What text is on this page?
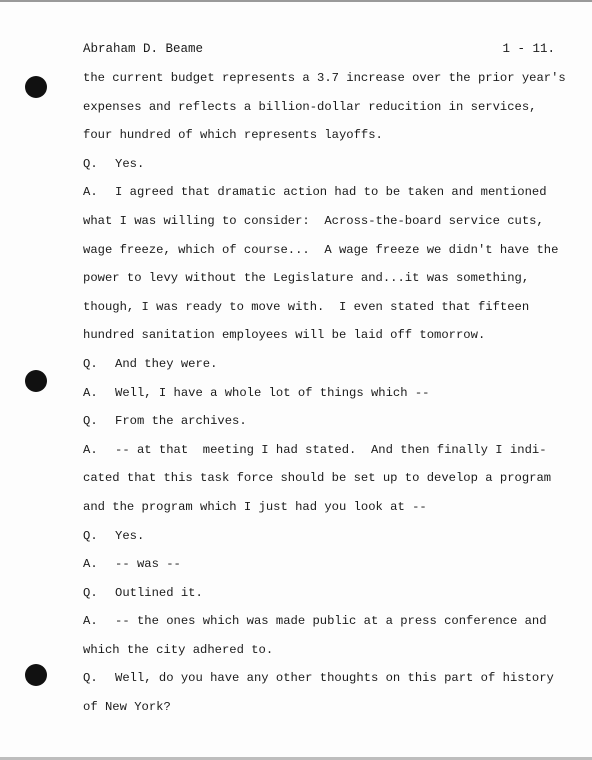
Abraham D. Beame	1 - 11.
the current budget represents a 3.7 increase over the prior year's
expenses and reflects a billion-dollar reducition in services,
four hundred of which represents layoffs.
Q. Yes.
A. I agreed that dramatic action had to be taken and mentioned
what I was willing to consider:  Across-the-board service cuts,
wage freeze, which of course...  A wage freeze we didn't have the
power to levy without the Legislature and...it was something,
though, I was ready to move with.  I even stated that fifteen
hundred sanitation employees will be laid off tomorrow.
Q. And they were.
A. Well, I have a whole lot of things which --
Q. From the archives.
A. -- at that  meeting I had stated.  And then finally I indi-
cated that this task force should be set up to develop a program
and the program which I just had you look at --
Q. Yes.
A. -- was --
Q. Outlined it.
A. -- the ones which was made public at a press conference and
which the city adhered to.
Q. Well, do you have any other thoughts on this part of history
of New York?
